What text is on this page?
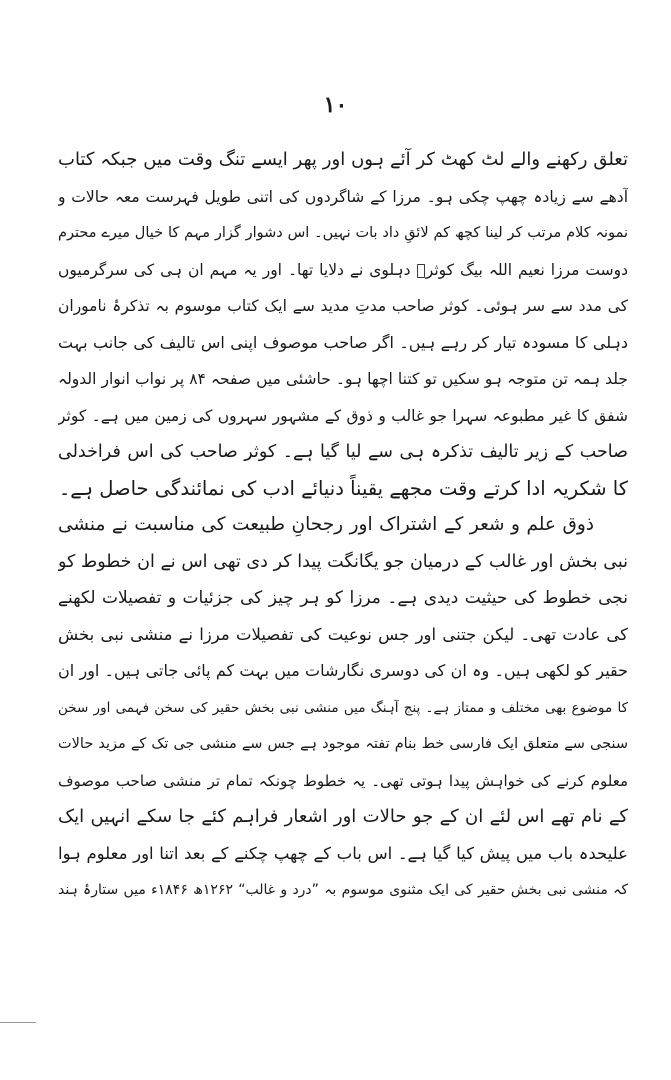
۱۰
تعلق رکھنے والے لٹ کھٹ کر آئے ہوں اور پھر ایسے تنگ وقت میں جبکہ کتاب
آدھے سے زیادہ چھپ چکی ہو۔ مرزا کے شاگردوں کی اتنی طویل فہرست معہ حالات و
نمونہ کلام مرتب کر لینا کچھ کم لائقِ داد بات نہیں۔ اس دشوار گزار مہم کا خیال میرے محترم
دوست مرزا نعیم اللہ بیگ کوثرؔ دہلوی نے دلایا تھا۔ اور یہ مہم ان ہی کی سرگرمیوں
کی مدد سے سر ہوئی۔ کوثر صاحب مدتِ مدید سے ایک کتاب موسوم بہ تذکرۂ ناموران
دہلی کا مسودہ تیار کر رہے ہیں۔ اگر صاحب موصوف اپنی اس تالیف کی جانب بہت
جلد ہمہ تن متوجہ ہو سکیں تو کتنا اچھا ہو۔ حاشئی میں صفحہ ۸۴ پر نواب انوار الدولہ
شفق کا غیر مطبوعہ سہرا جو غالب و ذوق کے مشہور سہروں کی زمین میں ہے۔ کوثر
صاحب کے زیر تالیف تذکرہ ہی سے لیا گیا ہے۔ کوثر صاحب کی اس فراخدلی
کا شکریہ ادا کرتے وقت مجھے یقیناً دنیائے ادب کی نمائندگی حاصل ہے۔
ذوق علم و شعر کے اشتراک اور رجحانِ طبیعت کی مناسبت نے منشی
نبی بخش اور غالب کے درمیان جو یگانگت پیدا کر دی تھی اس نے ان خطوط کو
نجی خطوط کی حیثیت دیدی ہے۔ مرزا کو ہر چیز کی جزئیات و تفصیلات لکھنے
کی عادت تھی۔ لیکن جتنی اور جس نوعیت کی تفصیلات مرزا نے منشی نبی بخش
حقیر کو لکھی ہیں۔ وہ ان کی دوسری نگارشات میں بہت کم پائی جاتی ہیں۔ اور ان
کا موضوع بھی مختلف و ممتاز ہے۔ پنج آہنگ میں منشی نبی بخش حقیر کی سخن فہمی اور سخن
سنجی سے متعلق ایک فارسی خط بنام تفتہ موجود ہے جس سے منشی جی تک کے مزید حالات
معلوم کرنے کی خواہش پیدا ہوتی تھی۔ یہ خطوط چونکہ تمام تر منشی صاحب موصوف
کے نام تھے اس لئے ان کے جو حالات اور اشعار فراہم کئے جا سکے انہیں ایک
علیحدہ باب میں پیش کیا گیا ہے۔ اس باب کے چھپ چکنے کے بعد اتنا اور معلوم ہوا
کہ منشی نبی بخش حقیر کی ایک مثنوی موسوم بہ ”درد و غالب“ ۱۲۶۲ھ ۱۸۴۶ء میں ستارۂ ہند
